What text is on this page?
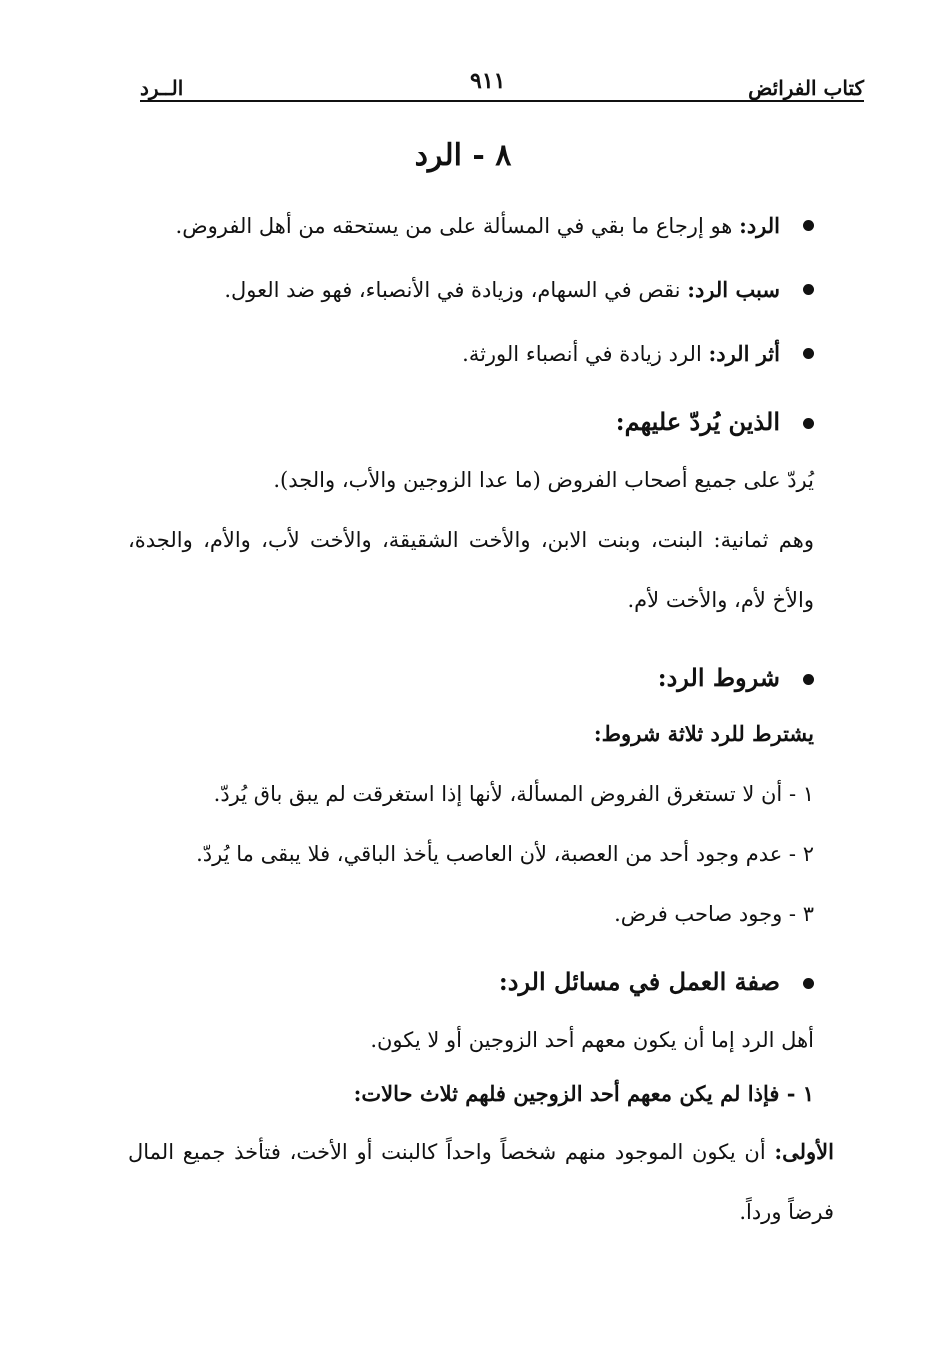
كتاب الفرائض
٩١١
الــرد
٨ - الرد

الرد: هو إرجاع ما بقي في المسألة على من يستحقه من أهل الفروض.

سبب الرد: نقص في السهام، وزيادة في الأنصباء، فهو ضد العول.

أثر الرد: الرد زيادة في أنصباء الورثة.

الذين يُردّ عليهم:

يُردّ على جميع أصحاب الفروض (ما عدا الزوجين والأب، والجد).

وهم ثمانية: البنت، وبنت الابن، والأخت الشقيقة، والأخت لأب، والأم، والجدة، والأخ لأم، والأخت لأم.

شروط الرد:

يشترط للرد ثلاثة شروط:

١ - أن لا تستغرق الفروض المسألة، لأنها إذا استغرقت لم يبق باق يُردّ.

٢ - عدم وجود أحد من العصبة، لأن العاصب يأخذ الباقي، فلا يبقى ما يُردّ.

٣ - وجود صاحب فرض.

صفة العمل في مسائل الرد:

أهل الرد إما أن يكون معهم أحد الزوجين أو لا يكون.

١ - فإذا لم يكن معهم أحد الزوجين فلهم ثلاث حالات:

الأولى: أن يكون الموجود منهم شخصاً واحداً كالبنت أو الأخت، فتأخذ جميع المال فرضاً ورداً.
